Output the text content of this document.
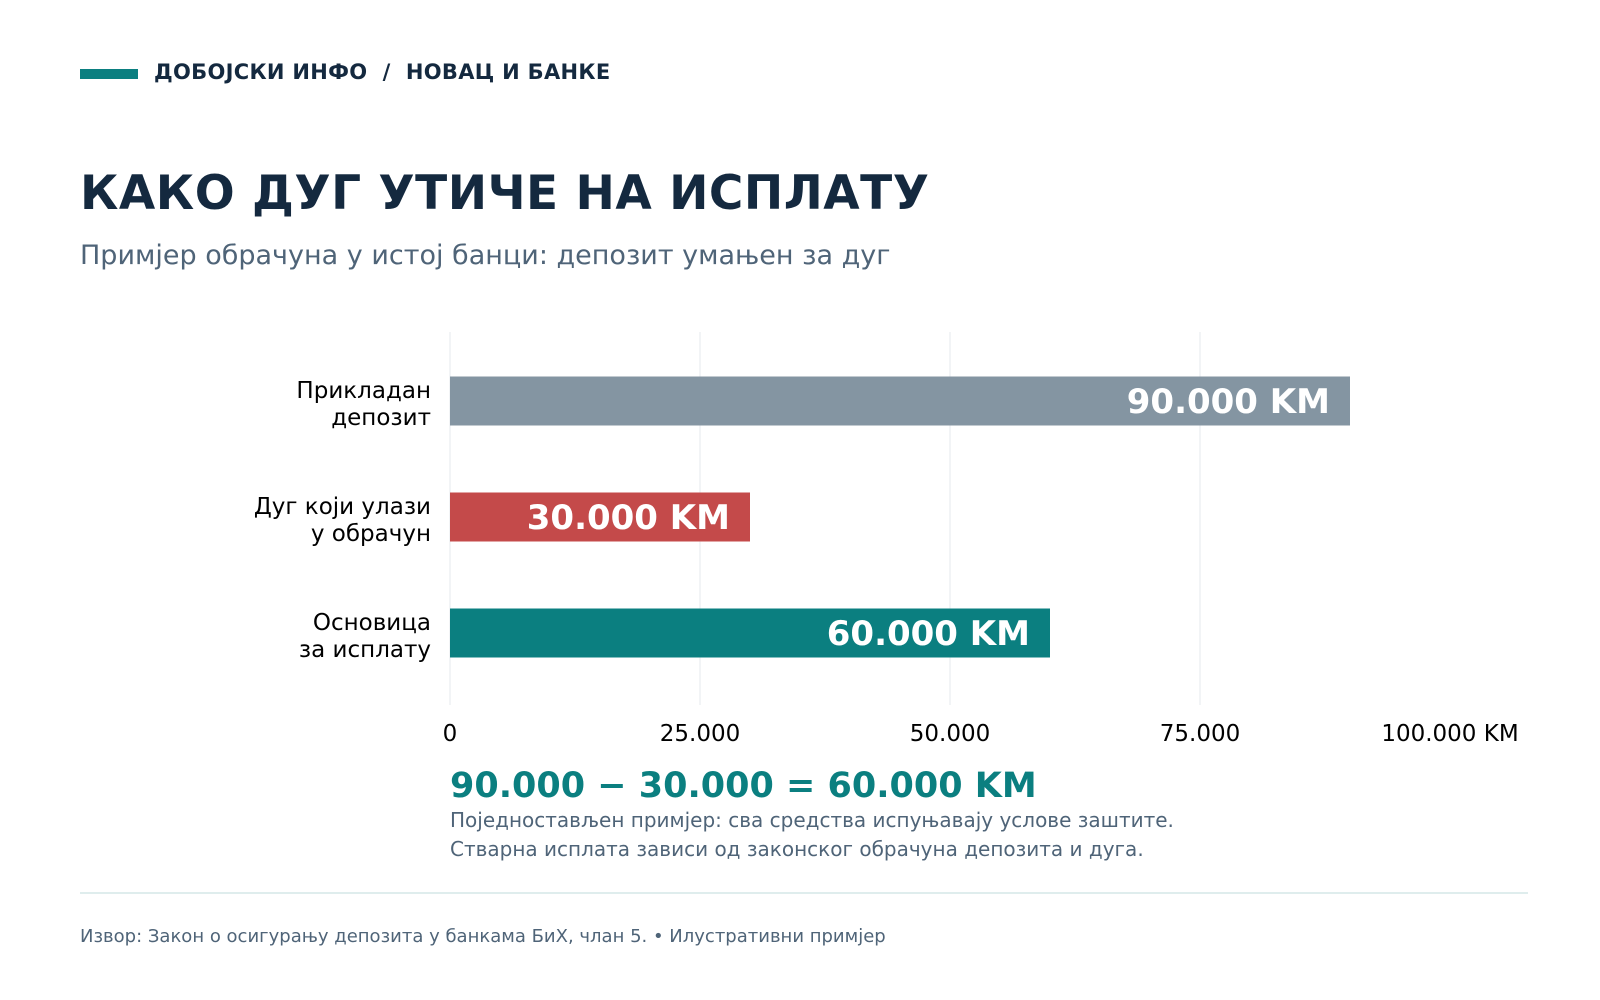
ДОБОЈСКИ ИНФО / НОВАЦ И БАНКЕ
КАКО ДУГ УТИЧЕ НА ИСПЛАТУ

Примјер обрачуна у истој банци: депозит умањен за дуг

0	25.000	50.000	75.000	100.000 KM
90.000 KM
Прикладан
депозит
30.000 KM
Дуг који улази
у обрачун
60.000 KM
Основица
за исплату
90.000 − 30.000 = 60.000 KM
Поједностављен примјер: сва средства испуњавају услове заштите.
Стварна исплата зависи од законског обрачуна депозита и дуга.
Извор: Закон о осигурању депозита у банкама БиХ, члан 5. • Илустративни примјер
